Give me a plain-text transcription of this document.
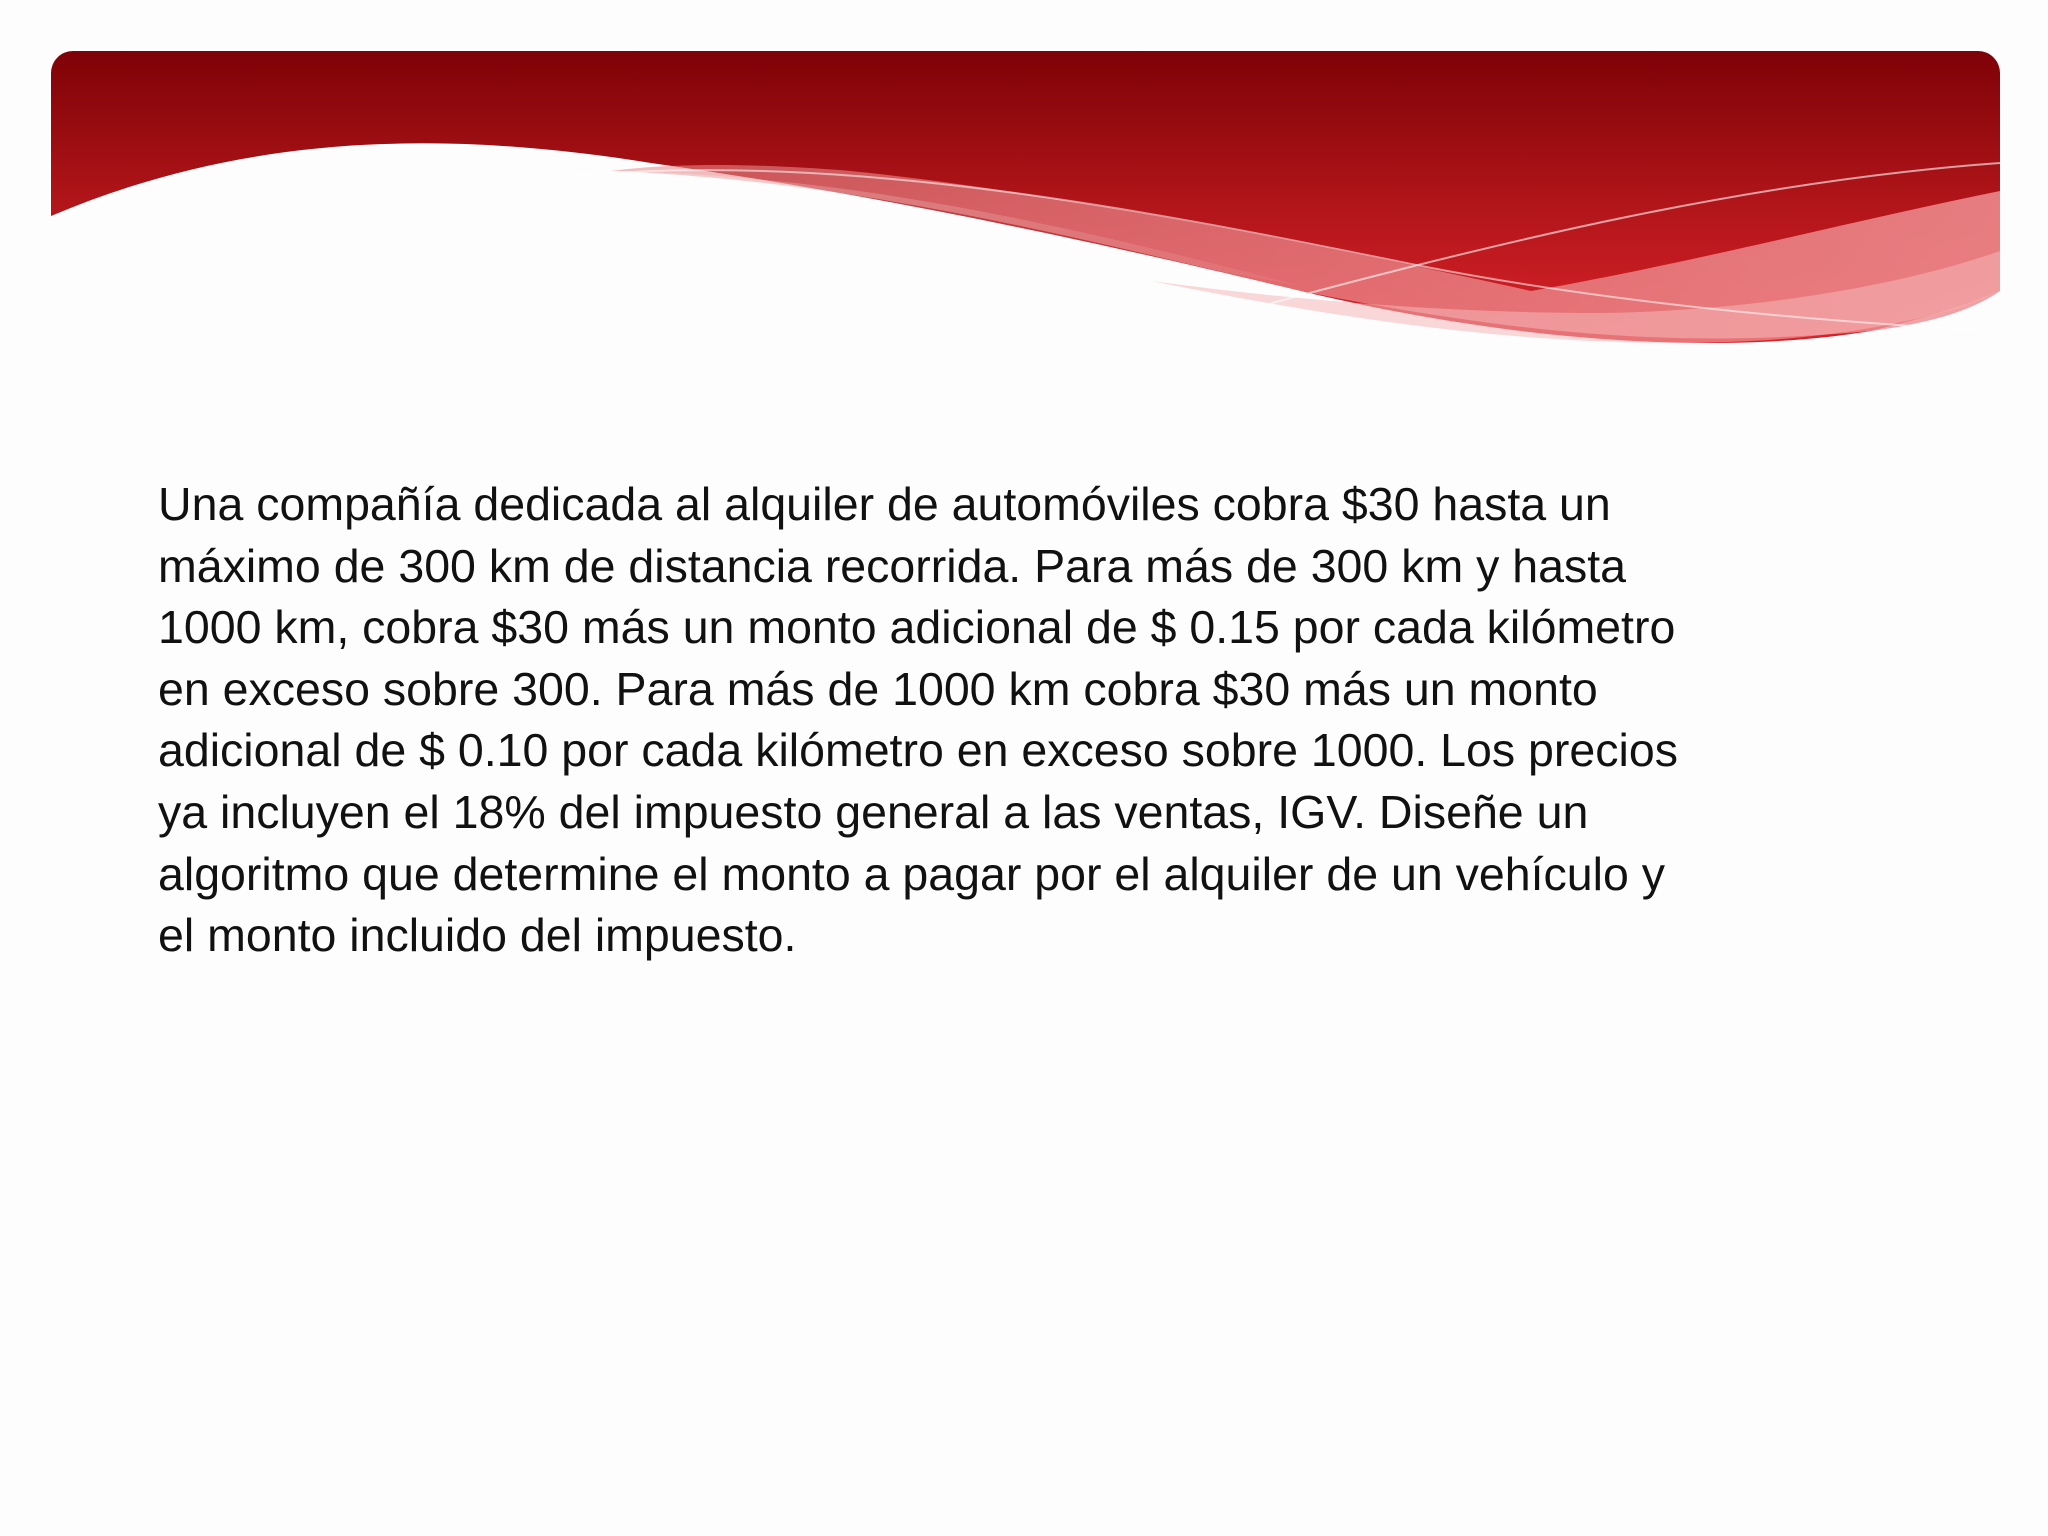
Una compañía dedicada al alquiler de automóviles cobra $30 hasta un
máximo de 300 km de distancia recorrida. Para más de 300 km y hasta
1000 km, cobra $30 más un monto adicional de $ 0.15 por cada kilómetro
en exceso sobre 300. Para más de 1000 km cobra $30 más un monto
adicional de $ 0.10 por cada kilómetro en exceso sobre 1000. Los precios
ya incluyen el 18% del impuesto general a las ventas, IGV. Diseñe un
algoritmo que determine el monto a pagar por el alquiler de un vehículo y
el monto incluido del impuesto.
